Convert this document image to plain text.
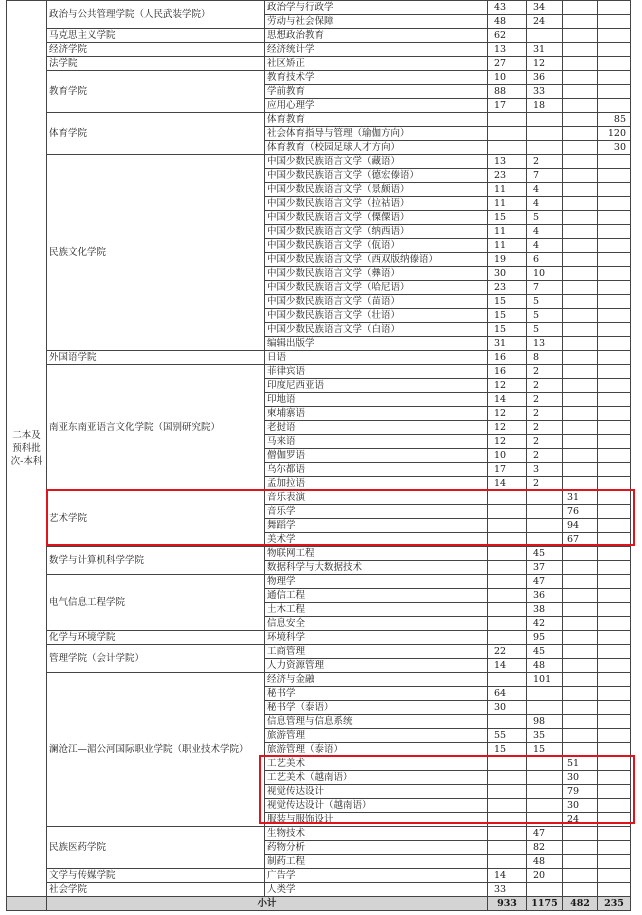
二本及预科批次-本科	政治与公共管理学院（人民武装学院）	政治学与行政学	43	34		
		劳动与社会保障	48	24		
	马克思主义学院	思想政治教育	62			
	经济学院	经济统计学	13	31		
	法学院	社区矫正	27	12		
	教育学院	教育技术学	10	36		
		学前教育	88	33		
		应用心理学	17	18		
	体育学院	体育教育				85
		社会体育指导与管理（瑜伽方向）				120
		体育教育（校园足球人才方向）				30
	民族文化学院	中国少数民族语言文学（藏语）	13	2		
		中国少数民族语言文学（德宏傣语）	23	7		
		中国少数民族语言文学（景颇语）	11	4		
		中国少数民族语言文学（拉祜语）	11	4		
		中国少数民族语言文学（傈僳语）	15	5		
		中国少数民族语言文学（纳西语）	11	4		
		中国少数民族语言文学（佤语）	11	4		
		中国少数民族语言文学（西双版纳傣语）	19	6		
		中国少数民族语言文学（彝语）	30	10		
		中国少数民族语言文学（哈尼语）	23	7		
		中国少数民族语言文学（苗语）	15	5		
		中国少数民族语言文学（壮语）	15	5		
		中国少数民族语言文学（白语）	15	5		
		编辑出版学	31	13		
	外国语学院	日语	16	8		
	南亚东南亚语言文化学院（国别研究院）	菲律宾语	16	2		
		印度尼西亚语	12	2		
		印地语	14	2		
		柬埔寨语	12	2		
		老挝语	12	2		
		马来语	12	2		
		僧伽罗语	10	2		
		乌尔都语	17	3		
		孟加拉语	14	2		
	艺术学院	音乐表演			31	
		音乐学			76	
		舞蹈学			94	
		美术学			67	
	数学与计算机科学学院	物联网工程		45		
		数据科学与大数据技术		37		
	电气信息工程学院	物理学		47		
		通信工程		36		
		土木工程		38		
		信息安全		42		
	化学与环境学院	环境科学		95		
	管理学院（会计学院）	工商管理	22	45		
		人力资源管理	14	48		
	澜沧江—湄公河国际职业学院（职业技术学院）	经济与金融		101		
		秘书学	64			
		秘书学（泰语）	30			
		信息管理与信息系统		98		
		旅游管理	55	35		
		旅游管理（泰语）	15	15		
		工艺美术			51	
		工艺美术（越南语）			30	
		视觉传达设计			79	
		视觉传达设计（越南语）			30	
		服装与服饰设计			24	
	民族医药学院	生物技术		47		
		药物分析		82		
		制药工程		48		
	文学与传媒学院	广告学	14	20		
	社会学院	人类学	33			
	小计		933	1175	482	235
